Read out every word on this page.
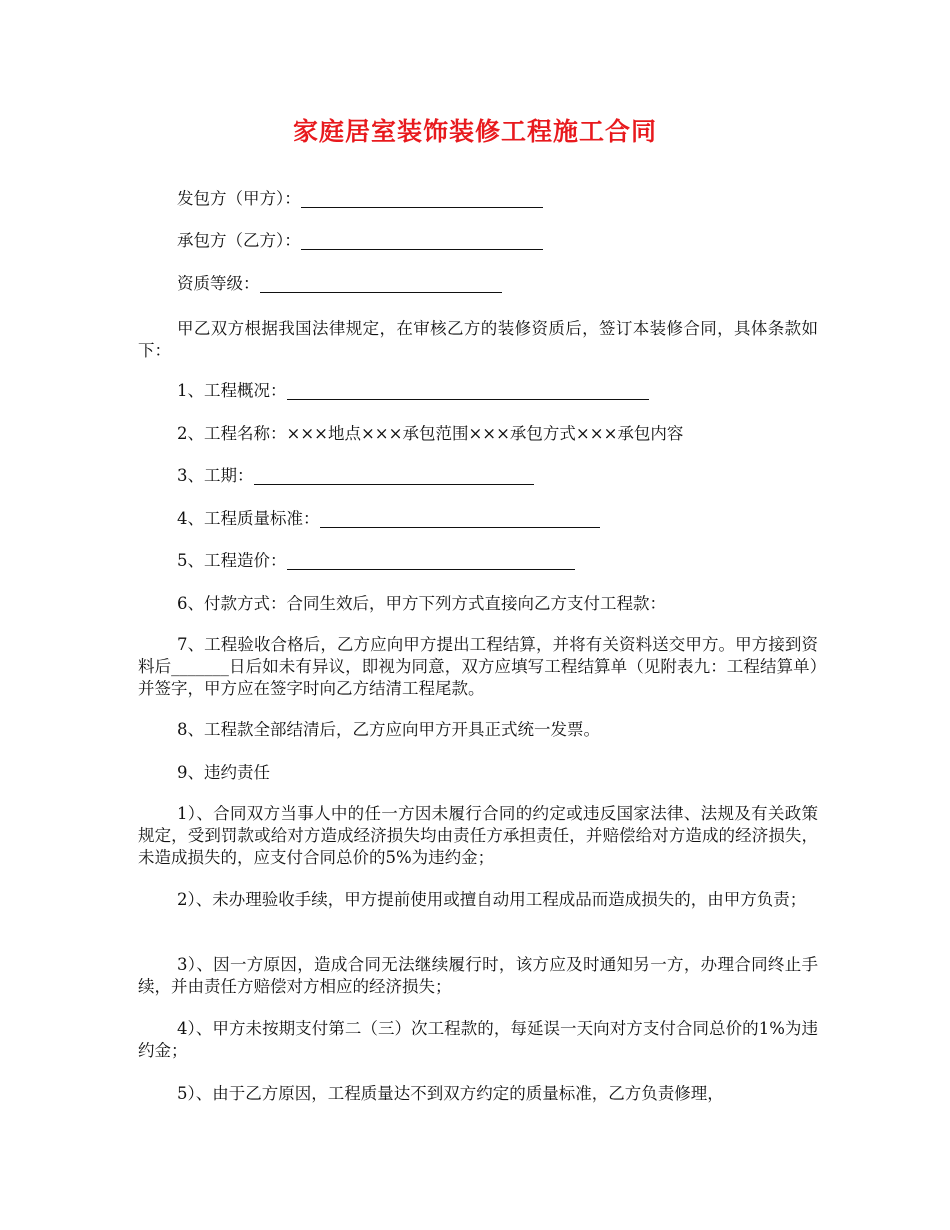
家庭居室装饰装修工程施工合同
发包方（甲方）：
承包方（乙方）：
资质等级：
甲乙双方根据我国法律规定，在审核乙方的装修资质后，签订本装修合同，具体条款如下：
1、工程概况：
2、工程名称：×××地点×××承包范围×××承包方式×××承包内容
3、工期：
4、工程质量标准：
5、工程造价：
6、付款方式：合同生效后，甲方下列方式直接向乙方支付工程款：
7、工程验收合格后，乙方应向甲方提出工程结算，并将有关资料送交甲方。甲方接到资料后_______日后如未有异议，即视为同意，双方应填写工程结算单（见附表九：工程结算单）并签字，甲方应在签字时向乙方结清工程尾款。
8、工程款全部结清后，乙方应向甲方开具正式统一发票。
9、违约责任
1）、合同双方当事人中的任一方因未履行合同的约定或违反国家法律、法规及有关政策规定，受到罚款或给对方造成经济损失均由责任方承担责任，并赔偿给对方造成的经济损失，未造成损失的，应支付合同总价的5%为违约金；
2）、未办理验收手续，甲方提前使用或擅自动用工程成品而造成损失的，由甲方负责；
3）、因一方原因，造成合同无法继续履行时，该方应及时通知另一方，办理合同终止手续，并由责任方赔偿对方相应的经济损失；
4）、甲方未按期支付第二（三）次工程款的，每延误一天向对方支付合同总价的1%为违约金；
5）、由于乙方原因，工程质量达不到双方约定的质量标准，乙方负责修理，
